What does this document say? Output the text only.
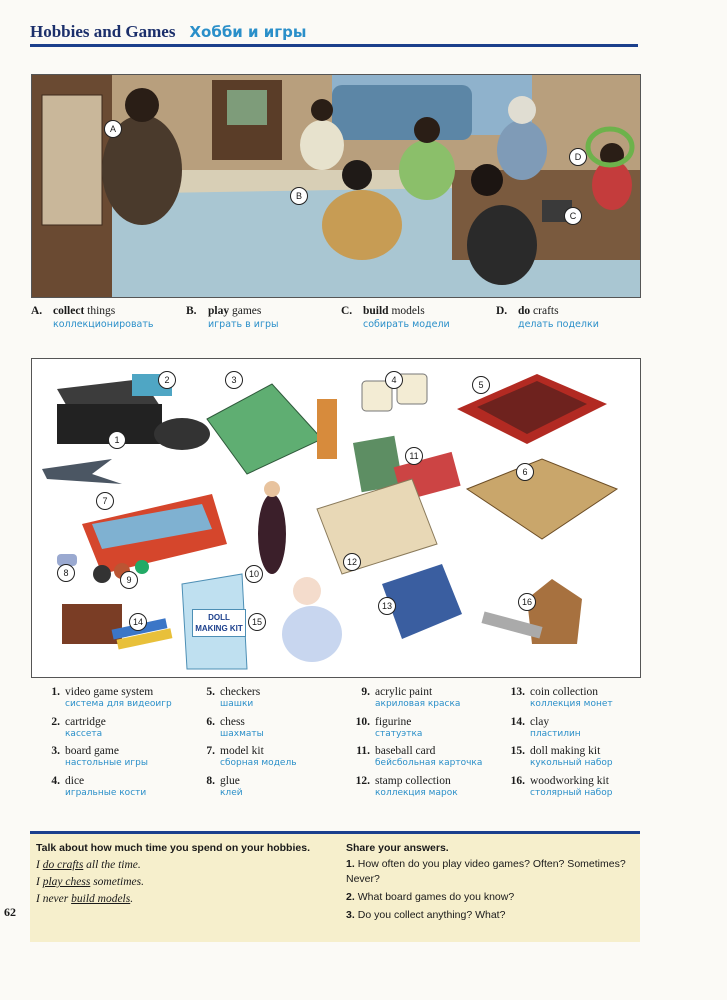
Hobbies and Games Хобби и игры
A
B
C
D
A. collect things
коллекционировать
B. play games
играть в игры
C. build models
собирать модели
D. do crafts
делать поделки
1
2	3	4	5
6
7
8
9
10
11
12
13
14	15
16
DOLL MAKING KIT
1. video game system
система для видеоигр
2. cartridge
кассета
3. board game
настольные игры
4. dice
игральные кости
5. checkers
шашки
6. chess
шахматы
7. model kit
сборная модель
8. glue
клей
9. acrylic paint
акриловая краска
10. figurine
статуэтка
11. baseball card
бейсбольная карточка
12. stamp collection
коллекция марок
13. coin collection
коллекция монет
14. clay
пластилин
15. doll making kit
кукольный набор
16. woodworking kit
столярный набор
Talk about how much time you spend on your hobbies.
I do crafts all the time.
I play chess sometimes.
I never build models.
Share your answers.
1. How often do you play video games? Often? Sometimes? Never?
2. What board games do you know?
3. Do you collect anything? What?
62
